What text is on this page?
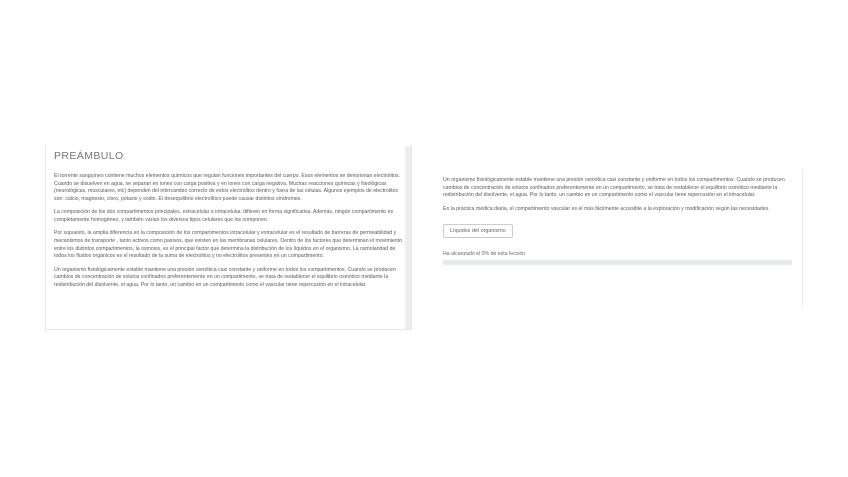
PREÁMBULO

El torrente sanguíneo contiene muchos elementos químicos que regulan funciones importantes del cuerpo. Esos elementos se denominan electrolitos. Cuando se disuelven en agua, se separan en iones con carga positiva y en iones con carga negativa. Muchas reacciones químicas y fisiológicas (neurológicas, musculares, etc) dependen del intercambio correcto de estos electrolitos dentro y fuera de las células. Algunos ejemplos de electrolitos son: calcio, magnesio, cloro, potasio y sodio. El desequilibrio electrolítico puede causar distintos síndromes.

La composición de los dos compartimentos principales, extracelular e intracelular, difieren en forma significativa. Además, ningún compartimento es completamente homogéneo, y también varían los diversos tipos celulares que los componen.

Por supuesto, la amplia diferencia en la composición de los compartimentos intracelular y extracelular es el resultado de barreras de permeabilidad y mecanismos de transporte , tanto activos como pasivos, que existen en las membranas celulares. Dentro de los factores que determinan el movimiento entre los distintos compartimentos, la osmosis, es el principal factor que determina la distribución de los líquidos en el organismo. La osmolaridad de todos los fluidos orgánicos es el resultado de la suma de electrolitos y no electrolitos presentes en un compartimento.

Un organismo fisiológicamente estable mantiene una presión osmótica casi constante y uniforme en todos los compartimentos. Cuando se producen cambios de concentración de solutos confinados preferentemente en un compartimento, se trata de restablecer el equilibrio osmótico mediante la redistribución del disolvente, el agua. Por lo tanto, un cambio en un compartimento como el vascular tiene repercusión en el intracelular.

Un organismo fisiológicamente estable mantiene una presión osmótica casi constante y uniforme en todos los compartimentos. Cuando se producen cambios de concentración de solutos confinados preferentemente en un compartimento, se trata de restablecer el equilibrio osmótico mediante la redistribución del disolvente, el agua. Por lo tanto, un cambio en un compartimento como el vascular tiene repercusión en el intracelular.

En la práctica médica diaria, el compartimento vascular es el más fácilmente accesible a la exploración y modificación según las necesidades.

Líquidos del organismo
Ha alcanzado el 0% de esta lección
